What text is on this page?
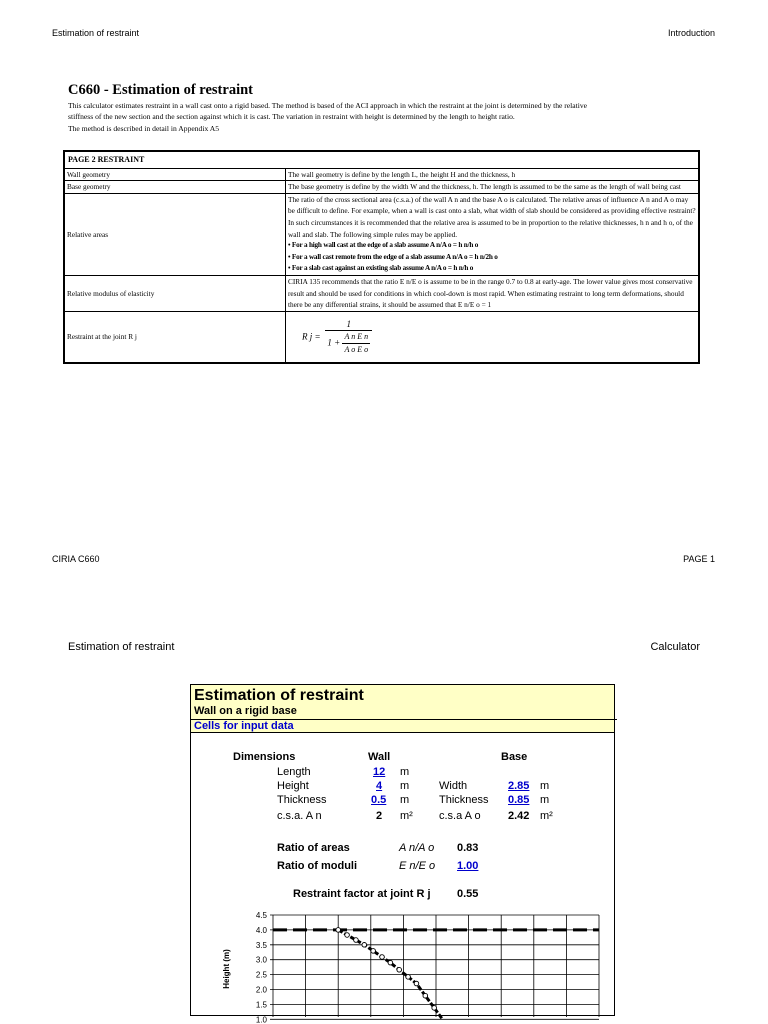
Estimation of restraint	Introduction
C660 - Estimation of restraint

This calculator estimates restraint in a wall cast onto a rigid based. The method is based of the ACI approach in which the restraint at the joint is determined by the relative

stiffness of the new section and the section against which it is cast. The variation in restraint with height is determined by the length to height ratio.

The method is described in detail in Appendix A5

PAGE 2 RESTRAINT	
Wall geometry	The wall geometry is define by the length L, the height H and the thickness, h
Base geometry	The base geometry is define by the width W and the thickness, h. The length is assumed to be the same as the length of wall being cast
Relative areas	The ratio of the cross sectional area (c.s.a.) of the wall A n and the base A o is calculated. The relative areas of influence A n and A o may be difficult to define. For example, when a wall is cast onto a slab, what width of slab should be considered as providing effective restraint? In such circumstances it is recommended that the relative area is assumed to be in proportion to the relative thicknesses, h n and h o, of the wall and slab. The following simple rules may be applied.
• For a high wall cast at the edge of a slab assume A n/A o = h n/h o
• For a wall cast remote from the edge of a slab assume A n/A o = h n/2h o
• For a slab cast against an existing slab assume A n/A o = h n/h o

Relative modulus of elasticity	CIRIA 135 recommends that the ratio E n/E o is assume to be in the range 0.7 to 0.8 at early-age. The lower value gives most conservative result and should be used for conditions in which cool-down is most rapid. When estimating restraint to long term deformations, should there be any differential strains, it should be assumed that E n/E o = 1
Restraint at the joint R j	R $j = \frac{1}{1 + \frac{\text{A n E n}}{\text{A o E o}}}$
CIRIA C660	PAGE 1
Estimation of restraint	Calculator
Estimation of restraint
Wall on a rigid base
Cells for input data
Dimensions	Wall	Base
Length	12 m
Height	4 m	Width	2.85 m
Thickness	0.5 m	Thickness 0.85 m
c.s.a. A n	2 m² c.s.a A o 2.42 m²
Ratio of areas	A n/A o 0.83
Ratio of moduli	E n/E o 1.00
Restraint factor at joint R j 0.55
4.5
4.0
3.5
3.0
2.5
2.0
1.5
1.0
Height (m)
